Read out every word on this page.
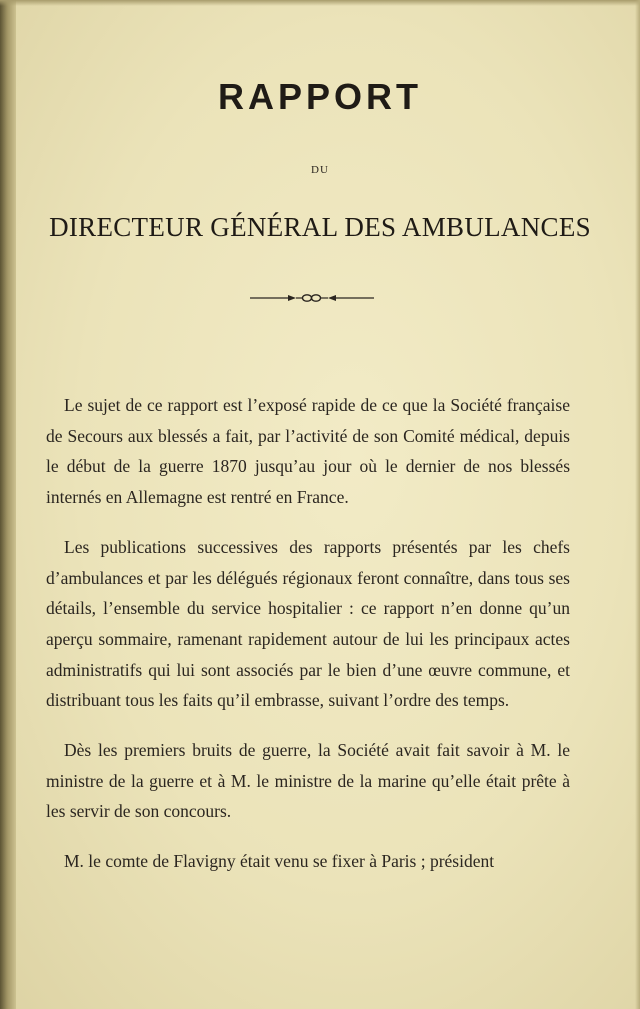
RAPPORT
DU
DIRECTEUR GÉNÉRAL DES AMBULANCES

Le sujet de ce rapport est l’exposé rapide de ce que la Société française de Secours aux blessés a fait, par l’activité de son Comité médical, depuis le début de la guerre 1870 jusqu’au jour où le dernier de nos blessés internés en Allemagne est rentré en France.

Les publications successives des rapports présentés par les chefs d’ambulances et par les délégués régionaux feront connaître, dans tous ses détails, l’ensemble du service hospitalier : ce rapport n’en donne qu’un aperçu sommaire, ramenant rapidement autour de lui les principaux actes administratifs qui lui sont associés par le bien d’une œuvre commune, et distribuant tous les faits qu’il embrasse, suivant l’ordre des temps.

Dès les premiers bruits de guerre, la Société avait fait savoir à M. le ministre de la guerre et à M. le ministre de la marine qu’elle était prête à les servir de son concours.

M. le comte de Flavigny était venu se fixer à Paris ; président
